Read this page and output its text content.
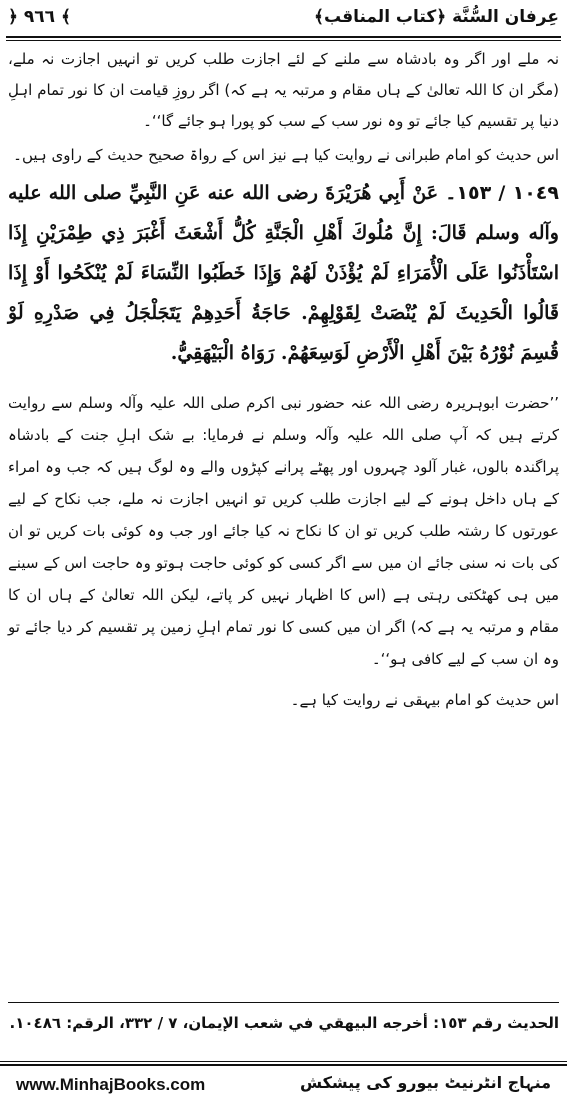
﴿ ٩٦٦ ﴾	عِرفان السُّنَّة ﴿کتاب المناقب﴾

نہ ملے اور اگر وہ بادشاہ سے ملنے کے لئے اجازت طلب کریں تو انہیں اجازت نہ ملے، (مگر ان کا اللہ تعالیٰ کے ہاں مقام و مرتبہ یہ ہے کہ) اگر روزِ قیامت ان کا نور تمام اہلِ دنیا پر تقسیم کیا جائے تو وہ نور سب کے سب کو پورا ہو جائے گا‘‘۔

اس حدیث کو امام طبرانی نے روایت کیا ہے نیز اس کے رواۃ صحیح حدیث کے راوی ہیں۔

١٠٤٩ / ١٥٣۔ عَنْ أَبِي هُرَيْرَةَ رضی الله عنه عَنِ النَّبِيِّ صلی الله عليه وآله وسلم قَالَ: إِنَّ مُلُوكَ أَهْلِ الْجَنَّةِ كُلُّ أَشْعَثَ أَغْبَرَ ذِي طِمْرَيْنِ إِذَا اسْتَأْذَنُوا عَلَى الْأُمَرَاءِ لَمْ يُؤْذَنْ لَهُمْ وَإِذَا خَطَبُوا النِّسَاءَ لَمْ يُنْكَحُوا أَوْ إِذَا قَالُوا الْحَدِيثَ لَمْ يُنْصَتْ لِقَوْلِهِمْ. حَاجَةُ أَحَدِهِمْ يَتَجَلْجَلُ فِي صَدْرِهِ لَوْ قُسِمَ نُوْرُهُ بَيْنَ أَهْلِ الْأَرْضِ لَوَسِعَهُمْ. رَوَاهُ الْبَيْهَقِيُّ.

’’حضرت ابوہریرہ رضی اللہ عنہ حضور نبی اکرم صلی اللہ علیہ وآلہ وسلم سے روایت کرتے ہیں کہ آپ صلی اللہ علیہ وآلہ وسلم نے فرمایا: بے شک اہلِ جنت کے بادشاہ پراگندہ بالوں، غبار آلود چہروں اور پھٹے پرانے کپڑوں والے وہ لوگ ہیں کہ جب وہ امراء کے ہاں داخل ہونے کے لیے اجازت طلب کریں تو انہیں اجازت نہ ملے، جب نکاح کے لیے عورتوں کا رشتہ طلب کریں تو ان کا نکاح نہ کیا جائے اور جب وہ کوئی بات کریں تو ان کی بات نہ سنی جائے ان میں سے اگر کسی کو کوئی حاجت ہوتو وہ حاجت اس کے سینے میں ہی کھٹکتی رہتی ہے (اس کا اظہار نہیں کر پاتے، لیکن اللہ تعالیٰ کے ہاں ان کا مقام و مرتبہ یہ ہے کہ) اگر ان میں کسی کا نور تمام اہلِ زمین پر تقسیم کر دیا جائے تو وہ ان سب کے لیے کافی ہو‘‘۔

اس حدیث کو امام بیہقی نے روایت کیا ہے۔

الحديث رقم ١٥٣: أخرجه البيهقي في شعب الإيمان، ٧ / ٣٣٢، الرقم: ١٠٤٨٦.
www.MinhajBooks.com	منہاج انٹرنیٹ بیورو کی پیشکش
